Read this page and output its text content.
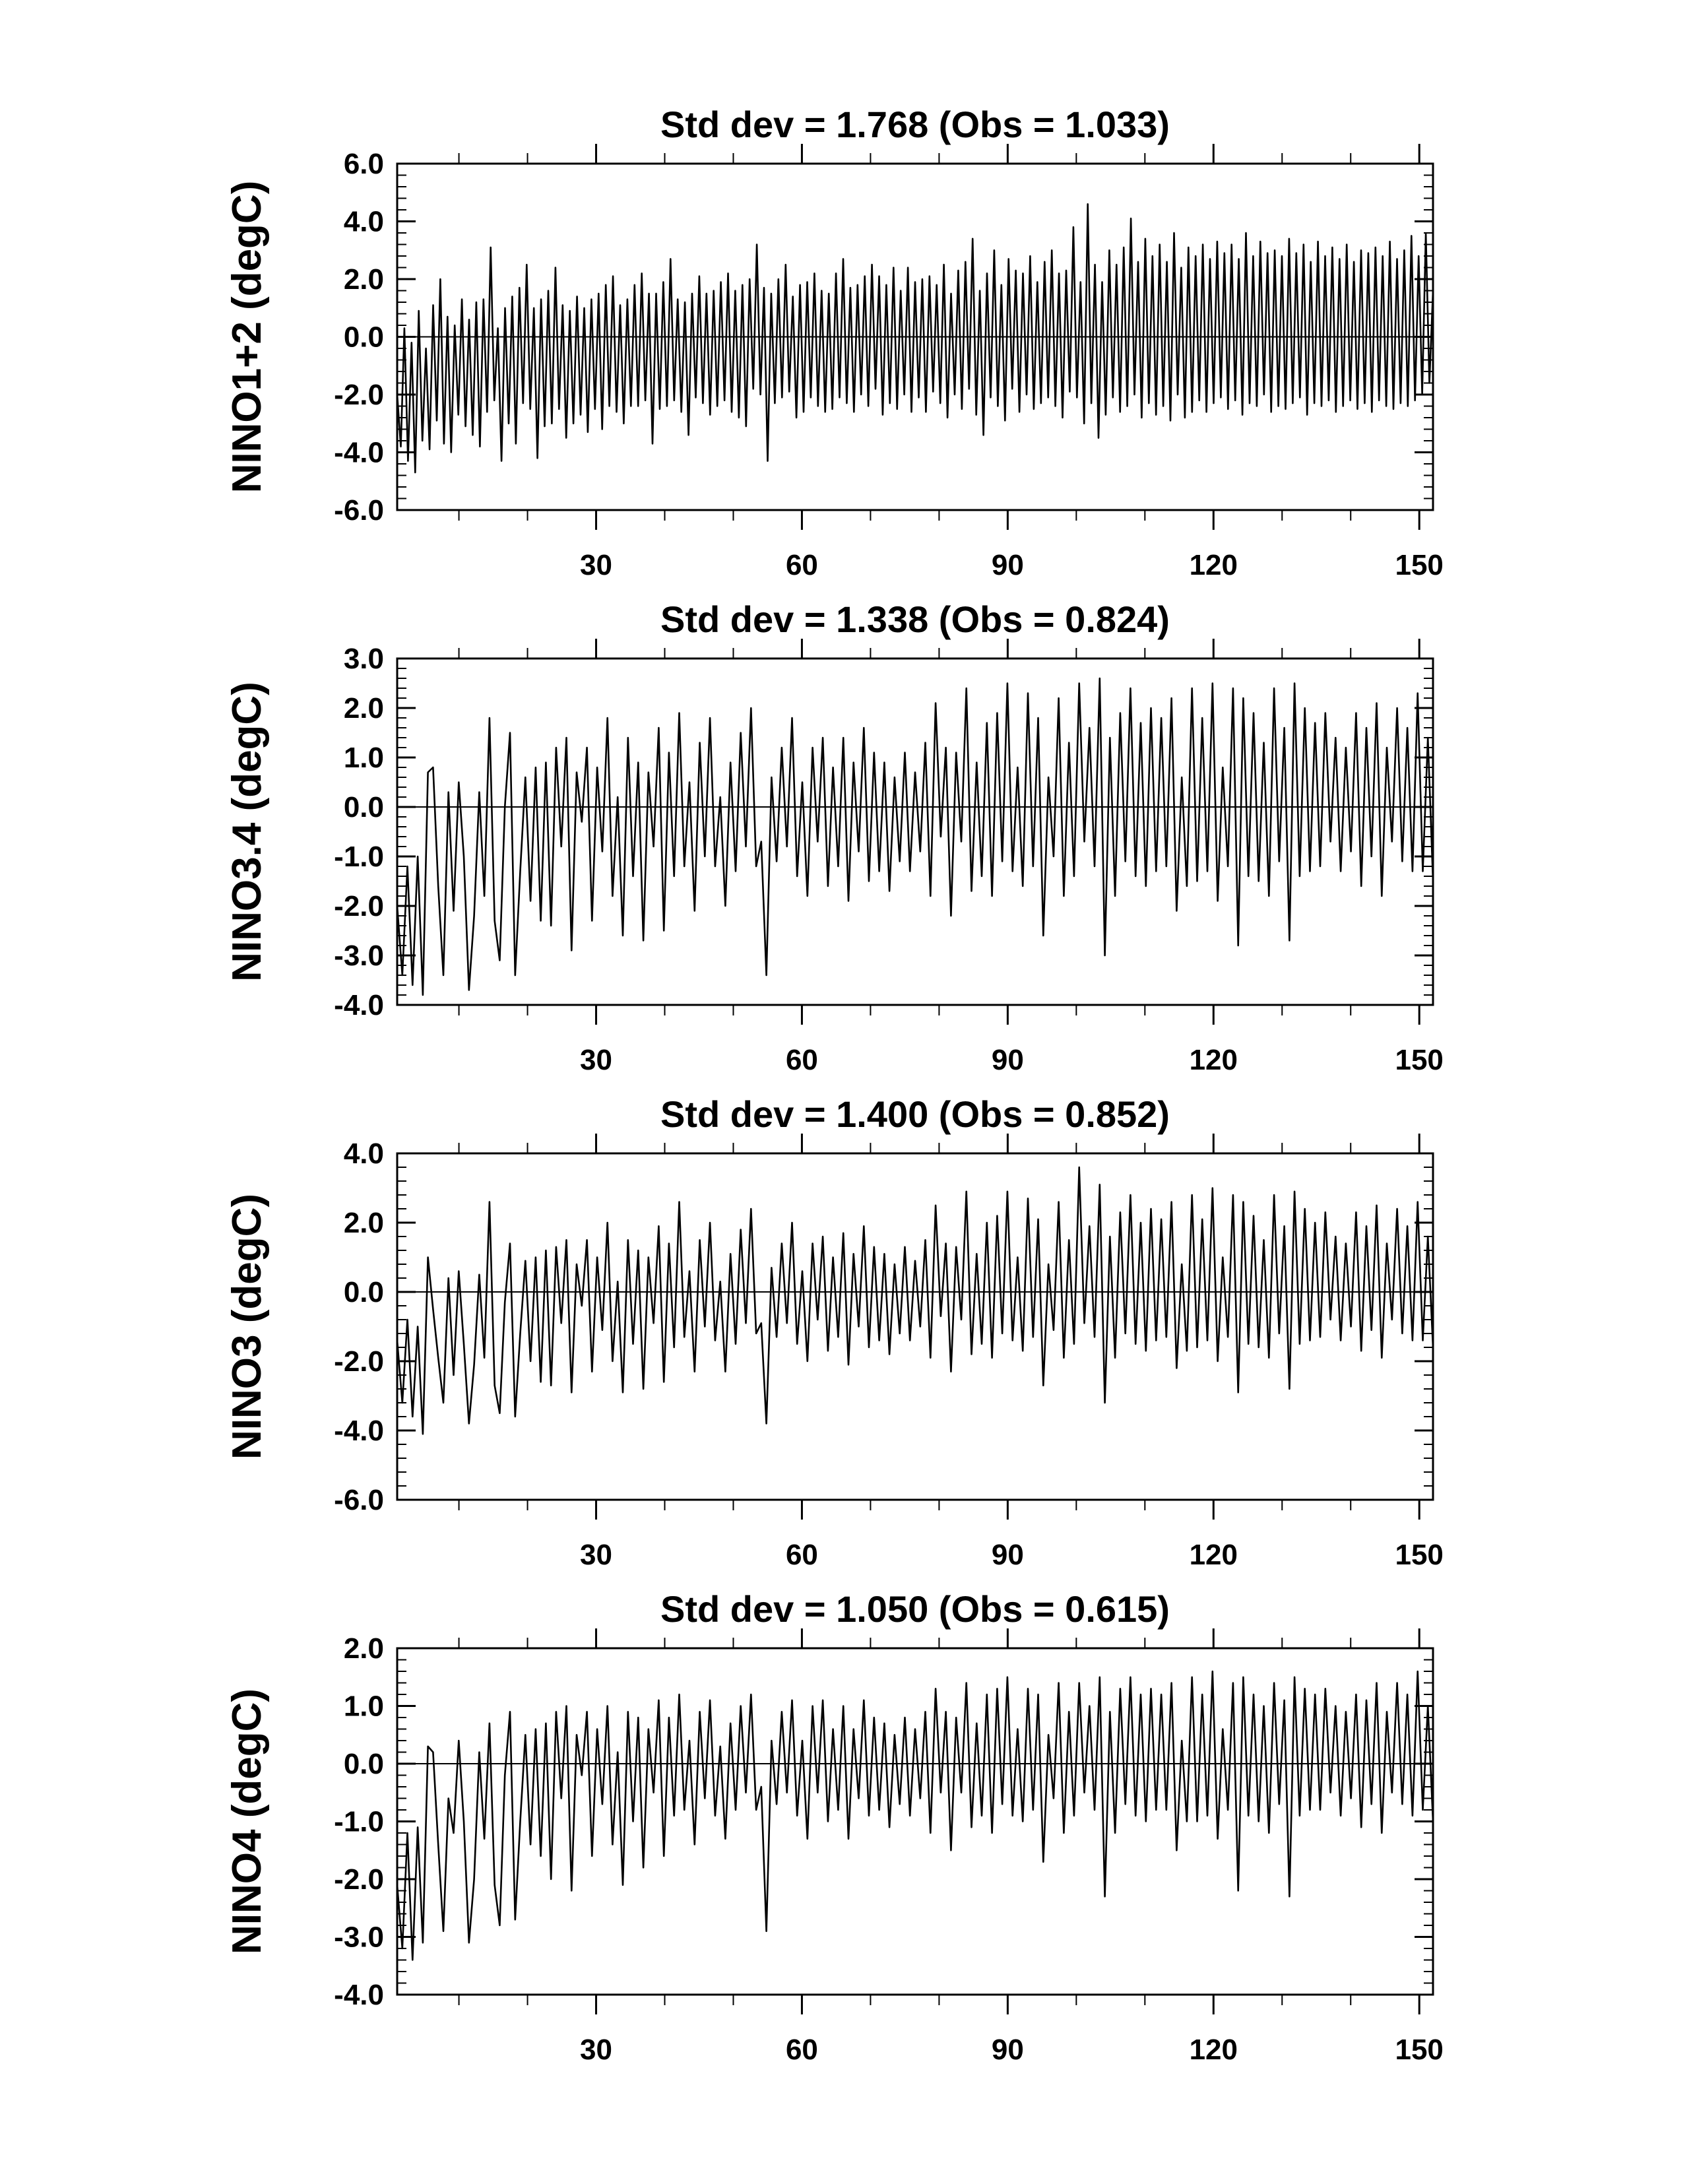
Std dev = 1.768 (Obs = 1.033)
NINO1+2 (degC)
6.0
4.0
2.0
0.0
-2.0
-4.0
-6.0
30	60	90	120	150
Std dev = 1.338 (Obs = 0.824)
NINO3.4 (degC)
3.0
2.0
1.0
0.0
-1.0
-2.0
-3.0
-4.0
30	60	90	120	150
Std dev = 1.400 (Obs = 0.852)
NINO3 (degC)
4.0
2.0
0.0
-2.0
-4.0
-6.0
30	60	90	120	150
Std dev = 1.050 (Obs = 0.615)
NINO4 (degC)
2.0
1.0
0.0
-1.0
-2.0
-3.0
-4.0
30	60	90	120	150
